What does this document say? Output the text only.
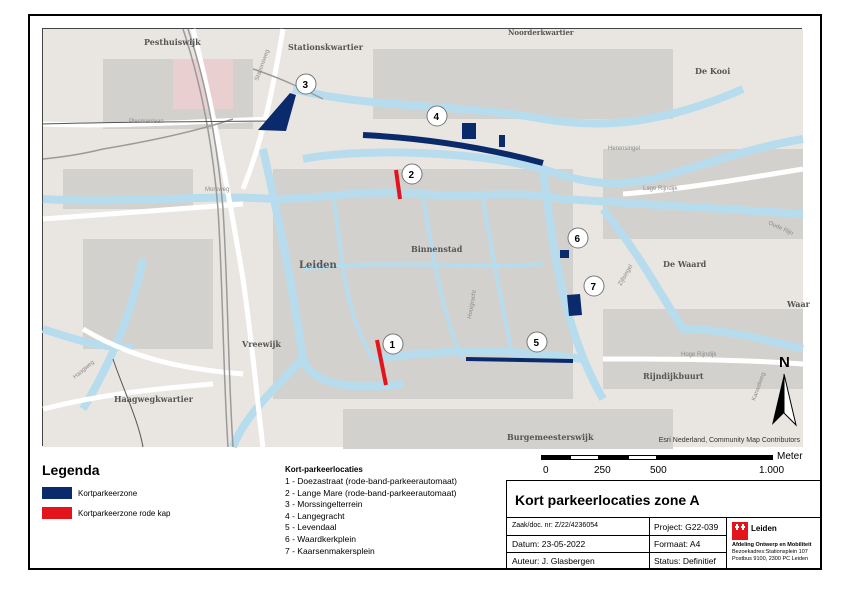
1
2
3
4
5
6
7
Pesthuiswijk	Stationskwartier
Noorderkwartier
De Kooi
Binnenstad
Leiden	De Waard
Vreewijk
Haagwegkwartier
Rijndijkbuurt
Burgemeesterswijk
Waar
Plesmanlaan
Morsweg
Stationsweg
Herensingel
Lage Rijndijk
Hoge Rijndijk
Oude Rijn
Haagweg
Zijlsingel
Kanaalweg
Hooigracht
N
Esri Nederland, Community Map Contributors
Legenda
Kortparkeerzone
Kortparkeerzone rode kap
Kort-parkeerlocaties
1 - Doezastraat (rode-band-parkeerautomaat)
2 - Lange Mare (rode-band-parkeerautomaat)
3 - Morssingelterrein
4 - Langegracht
5 - Levendaal
6 - Waardkerkplein
7 - Kaarsenmakersplein
Meter
0	250	500	1.000
Kort parkeerlocaties zone A
Zaak/doc. nr: Z/22/4236054	Project: G22-039
Datum: 23-05-2022	Formaat: A4
Auteur: J. Glasbergen	Status: Definitief
Leiden
Afdeling Ontwerp en Mobiliteit
Bezoekadres:Stationsplein 107
Postbus 9100, 2300 PC Leiden
